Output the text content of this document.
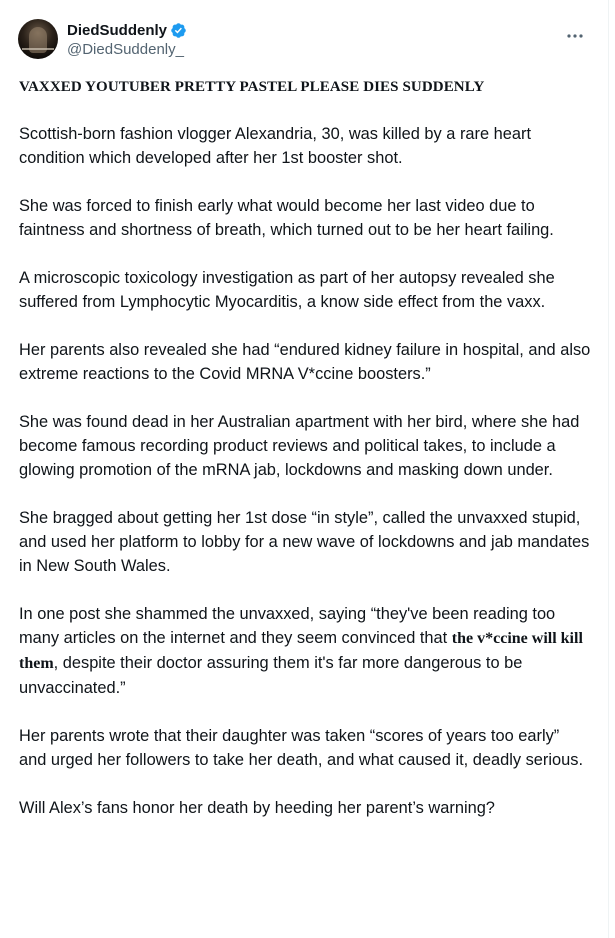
DiedSuddenly
@DiedSuddenly_
VAXXED YOUTUBER PRETTY PASTEL PLEASE DIES SUDDENLY

Scottish-born fashion vlogger Alexandria, 30, was killed by a rare heart condition which developed after her 1st booster shot.

She was forced to finish early what would become her last video due to faintness and shortness of breath, which turned out to be her heart failing.

A microscopic toxicology investigation as part of her autopsy revealed she suffered from Lymphocytic Myocarditis, a know side effect from the vaxx.

Her parents also revealed she had “endured kidney failure in hospital, and also extreme reactions to the Covid MRNA V*ccine boosters.”

She was found dead in her Australian apartment with her bird, where she had become famous recording product reviews and political takes, to include a glowing promotion of the mRNA jab, lockdowns and masking down under.

She bragged about getting her 1st dose “in style”, called the unvaxxed stupid, and used her platform to lobby for a new wave of lockdowns and jab mandates in New South Wales.

In one post she shammed the unvaxxed, saying “they've been reading too many articles on the internet and they seem convinced that the v*ccine will kill them, despite their doctor assuring them it's far more dangerous to be unvaccinated.”

Her parents wrote that their daughter was taken “scores of years too early” and urged her followers to take her death, and what caused it, deadly serious.

Will Alex’s fans honor her death by heeding her parent’s warning?
